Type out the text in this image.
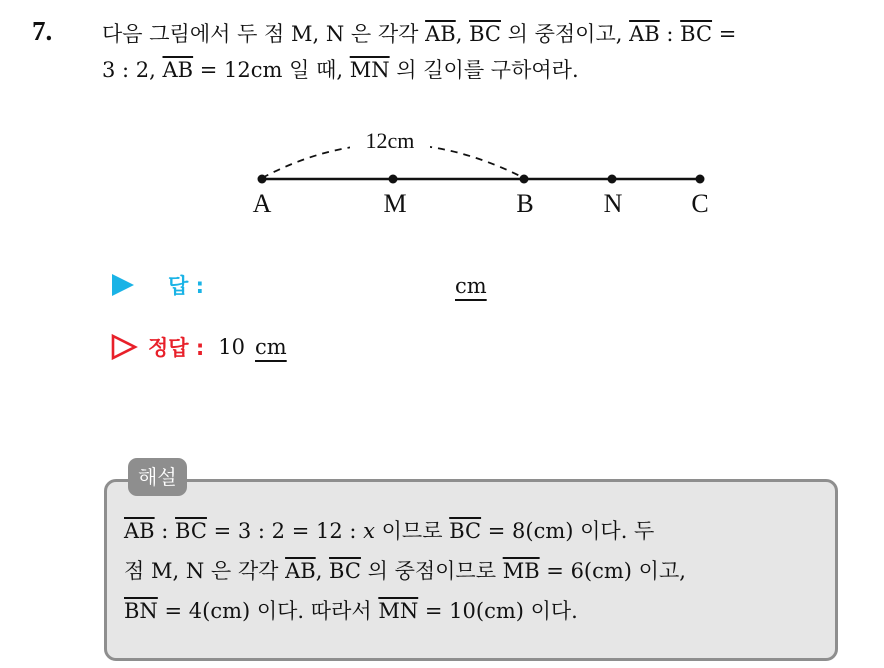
7. 다음 그림에서 두 점 M, N 은 각각 $\overline{AB}$, $\overline{BC}$ 의 중점이고, $\overline{AB}$ : $\overline{BC}$ =
3 : 2, $\overline{AB} = 12cm$ 일 때, $\overline{MN}$ 의 길이를 구하여라.
12cm
A	M	B	N	C
답 :	cm
정답 : 10 cm
해설
$\overline{AB}$ : $\overline{BC} = 3$ : 2 = 12 : x 이므로 $\overline{BC} = 8(cm)$ 이다. 두
점 M, N 은 각각 $\overline{AB}$, $\overline{BC}$ 의 중점이므로 $\overline{MB} = 6(cm)$ 이고,
$\overline{BN} = 4(cm)$ 이다. 따라서 $\overline{MN} = 10(cm)$ 이다.
